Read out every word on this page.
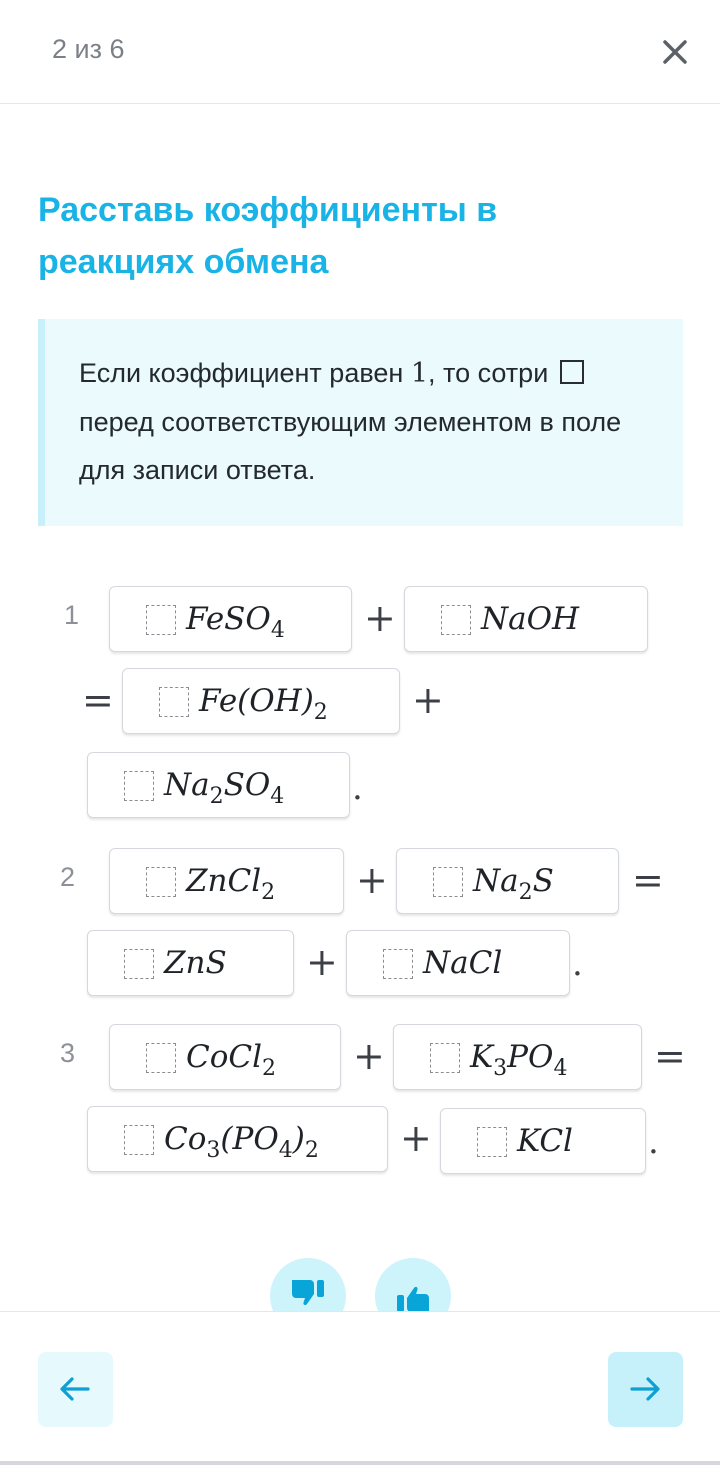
2 из 6
Расставь коэффициенты в реакциях обмена
Если коэффициент равен 1, то сотри
перед соответствующим элементом в поле для записи ответа.
1	FeSO$_4$ +	NaOH
=	$Fe(OH)_2$ +
$Na_2SO_4$ .
2	ZnCl$_2$ +	$Na_2S$ =
ZnS +	NaCl .
3	CoCl$_2$ +	$K_3PO_4$ =
$Co_3(PO_4)_2$ +	KCl .
